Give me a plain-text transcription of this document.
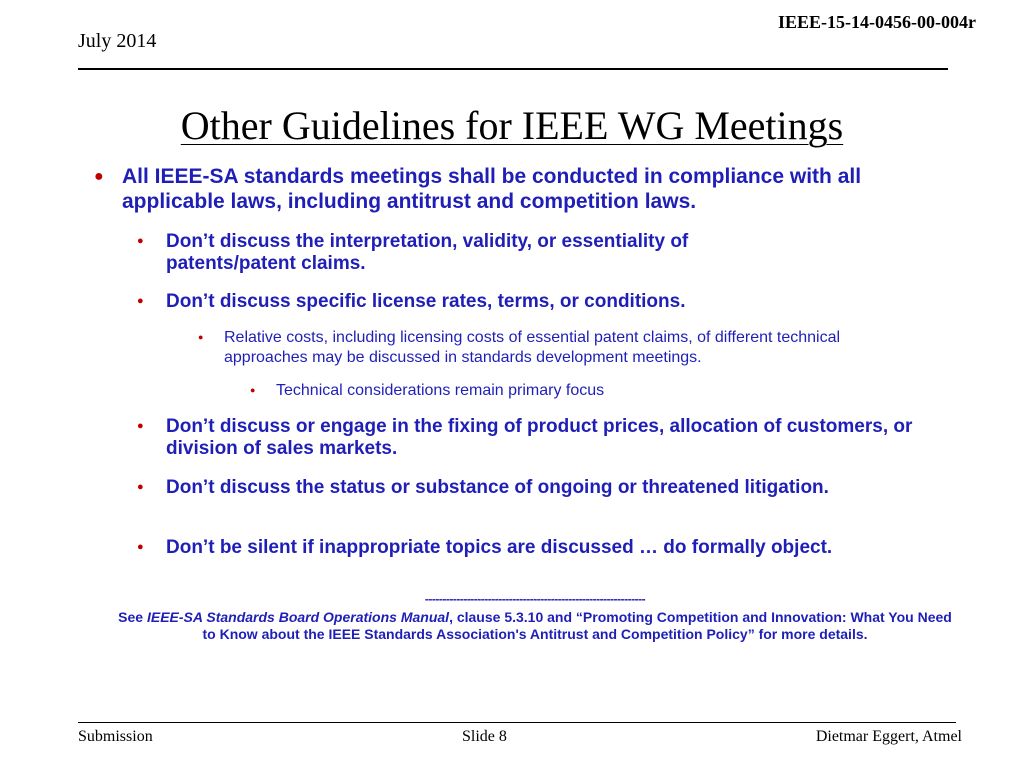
IEEE-15-14-0456-00-004r
July 2014
Other Guidelines for IEEE WG Meetings
● All IEEE-SA standards meetings shall be conducted in compliance with all applicable laws, including antitrust and competition laws.
● Don’t discuss the interpretation, validity, or essentiality of patents/patent claims.
● Don’t discuss specific license rates, terms, or conditions.
● Relative costs, including licensing costs of essential patent claims, of different technical approaches may be discussed in standards development meetings.
● Technical considerations remain primary focus
● Don’t discuss or engage in the fixing of product prices, allocation of customers, or division of sales markets.
● Don’t discuss the status or substance of ongoing or threatened litigation.
● Don’t be silent if inappropriate topics are discussed … do formally object.
---------------------------------------------------------------
See IEEE-SA Standards Board Operations Manual, clause 5.3.10 and “Promoting Competition and Innovation: What You Need to Know about the IEEE Standards Association's Antitrust and Competition Policy” for more details.
Submission	Slide 8	Dietmar Eggert, Atmel
